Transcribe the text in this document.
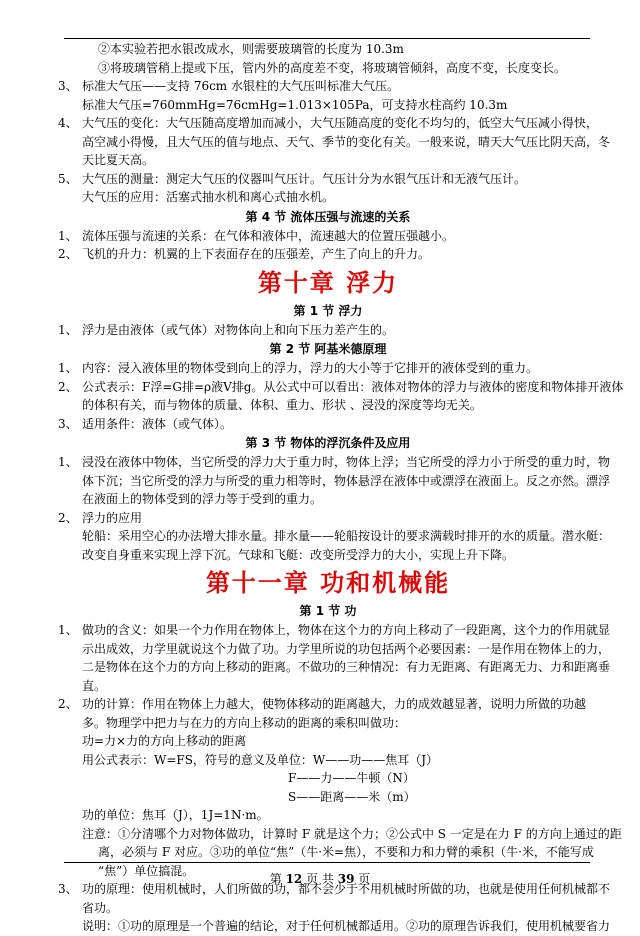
②本实验若把水银改成水，则需要玻璃管的长度为 10.3m
③将玻璃管稍上提或下压，管内外的高度差不变，将玻璃管倾斜，高度不变，长度变长。
3、 标准大气压——支持 76cm 水银柱的大气压叫标准大气压。
标准大气压=760mmHg=76cmHg=1.013×105Pa，可支持水柱高约 10.3m
4、 大气压的变化：大气压随高度增加而减小，大气压随高度的变化不均匀的，低空大气压减小得快，
高空减小得慢，且大气压的值与地点、天气、季节的变化有关。一般来说，晴天大气压比阴天高，冬
天比夏天高。
5、 大气压的测量：测定大气压的仪器叫气压计。气压计分为水银气压计和无液气压计。
大气压的应用：活塞式抽水机和离心式抽水机。
第 4 节 流体压强与流速的关系
1、 流体压强与流速的关系：在气体和液体中，流速越大的位置压强越小。
2、 飞机的升力：机翼的上下表面存在的压强差，产生了向上的升力。
第十章 浮力
第 1 节 浮力
1、 浮力是由液体（或气体）对物体向上和向下压力差产生的。
第 2 节 阿基米德原理
1、 内容：浸入液体里的物体受到向上的浮力，浮力的大小等于它排开的液体受到的重力。
2、 公式表示：F浮=G排=ρ液V排g。从公式中可以看出：液体对物体的浮力与液体的密度和物体排开液体
的体积有关，而与物体的质量、体积、重力、形状 、浸没的深度等均无关。
3、 适用条件：液体（或气体）。
第 3 节 物体的浮沉条件及应用
1、 浸没在液体中物体，当它所受的浮力大于重力时，物体上浮；当它所受的浮力小于所受的重力时，物
体下沉；当它所受的浮力与所受的重力相等时，物体悬浮在液体中或漂浮在液面上。反之亦然。漂浮
在液面上的物体受到的浮力等于受到的重力。
2、 浮力的应用
轮船：采用空心的办法增大排水量。排水量——轮船按设计的要求满载时排开的水的质量。潜水艇：
改变自身重来实现上浮下沉。气球和飞艇：改变所受浮力的大小，实现上升下降。
第十一章 功和机械能
第 1 节 功
1、 做功的含义：如果一个力作用在物体上，物体在这个力的方向上移动了一段距离，这个力的作用就显
示出成效，力学里就说这个力做了功。力学里所说的功包括两个必要因素：一是作用在物体上的力，
二是物体在这个力的方向上移动的距离。不做功的三种情况：有力无距离、有距离无力、力和距离垂
直。
2、 功的计算：作用在物体上力越大，使物体移动的距离越大，力的成效越显著，说明力所做的功越
多。物理学中把力与在力的方向上移动的距离的乘积叫做功：
功=力×力的方向上移动的距离
用公式表示：W=FS，符号的意义及单位：W——功——焦耳（J）
F——力——牛顿（N）
S——距离——米（m）
功的单位：焦耳（J），1J=1N·m。
注意：①分清哪个力对物体做功，计算时 F 就是这个力；②公式中 S 一定是在力 F 的方向上通过的距
离，必须与 F 对应。③功的单位“焦”（牛·米=焦），不要和力和力臂的乘积（牛·米，不能写成
“焦”）单位搞混。
3、 功的原理：使用机械时，人们所做的功，都不会少于不用机械时所做的功，也就是使用任何机械都不
省功。
说明：①功的原理是一个普遍的结论，对于任何机械都适用。②功的原理告诉我们，使用机械要省力
第 12 页 共 39 页
